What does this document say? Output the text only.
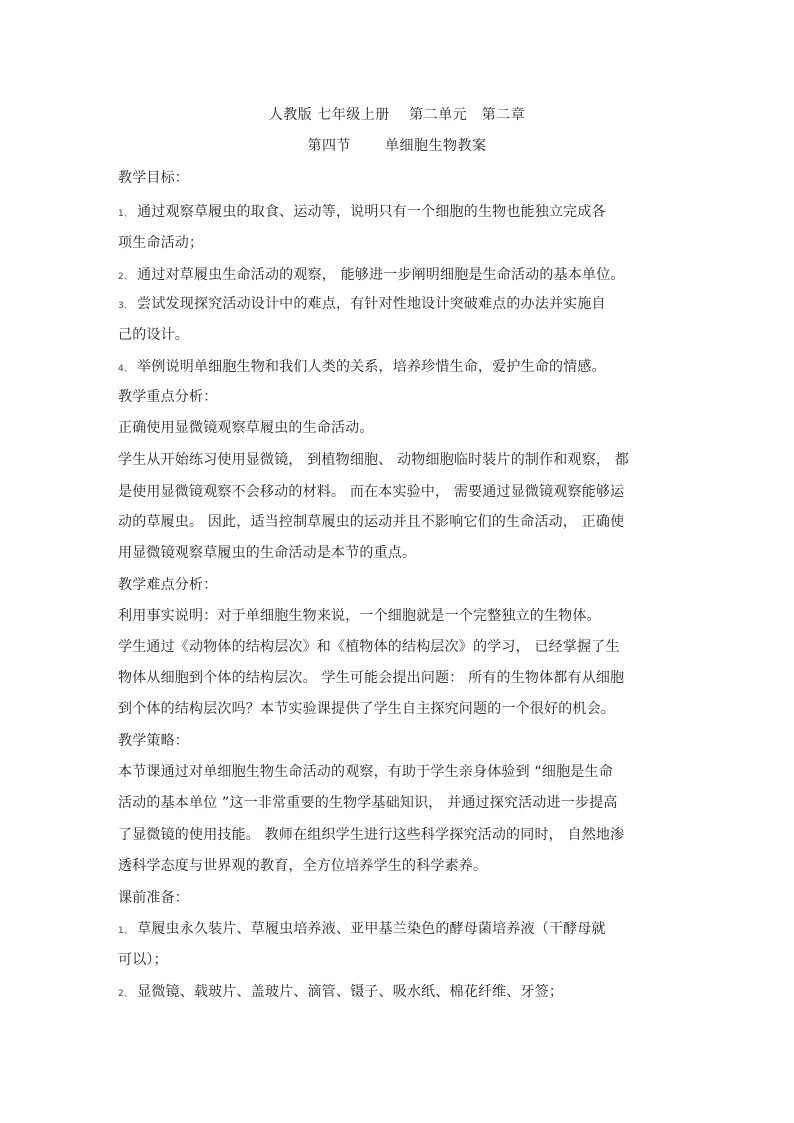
人教版 七年级上册　 第二单元　第二章
第四节　　 单细胞生物教案
教学目标：
1、 通过观察草履虫的取食、运动等，说明只有一个细胞的生物也能独立完成各
项生命活动；
2、 通过对草履虫生命活动的观察， 能够进一步阐明细胞是生命活动的基本单位。
3、 尝试发现探究活动设计中的难点，有针对性地设计突破难点的办法并实施自
己的设计。
4、 举例说明单细胞生物和我们人类的关系，培养珍惜生命，爱护生命的情感。
教学重点分析：
正确使用显微镜观察草履虫的生命活动。
学生从开始练习使用显微镜， 到植物细胞、 动物细胞临时装片的制作和观察， 都
是使用显微镜观察不会移动的材料。 而在本实验中， 需要通过显微镜观察能够运
动的草履虫。 因此，适当控制草履虫的运动并且不影响它们的生命活动， 正确使
用显微镜观察草履虫的生命活动是本节的重点。
教学难点分析：
利用事实说明：对于单细胞生物来说，一个细胞就是一个完整独立的生物体。
学生通过《动物体的结构层次》和《植物体的结构层次》的学习， 已经掌握了生
物体从细胞到个体的结构层次。 学生可能会提出问题： 所有的生物体都有从细胞
到个体的结构层次吗？本节实验课提供了学生自主探究问题的一个很好的机会。
教学策略：
本节课通过对单细胞生物生命活动的观察，有助于学生亲身体验到 “细胞是生命
活动的基本单位 ”这一非常重要的生物学基础知识， 并通过探究活动进一步提高
了显微镜的使用技能。 教师在组织学生进行这些科学探究活动的同时， 自然地渗
透科学态度与世界观的教育，全方位培养学生的科学素养。
课前准备：
1、 草履虫永久装片、草履虫培养液、亚甲基兰染色的酵母菌培养液（干酵母就
可以）；
2、 显微镜、载玻片、盖玻片、滴管、镊子、吸水纸、棉花纤维、牙签；
